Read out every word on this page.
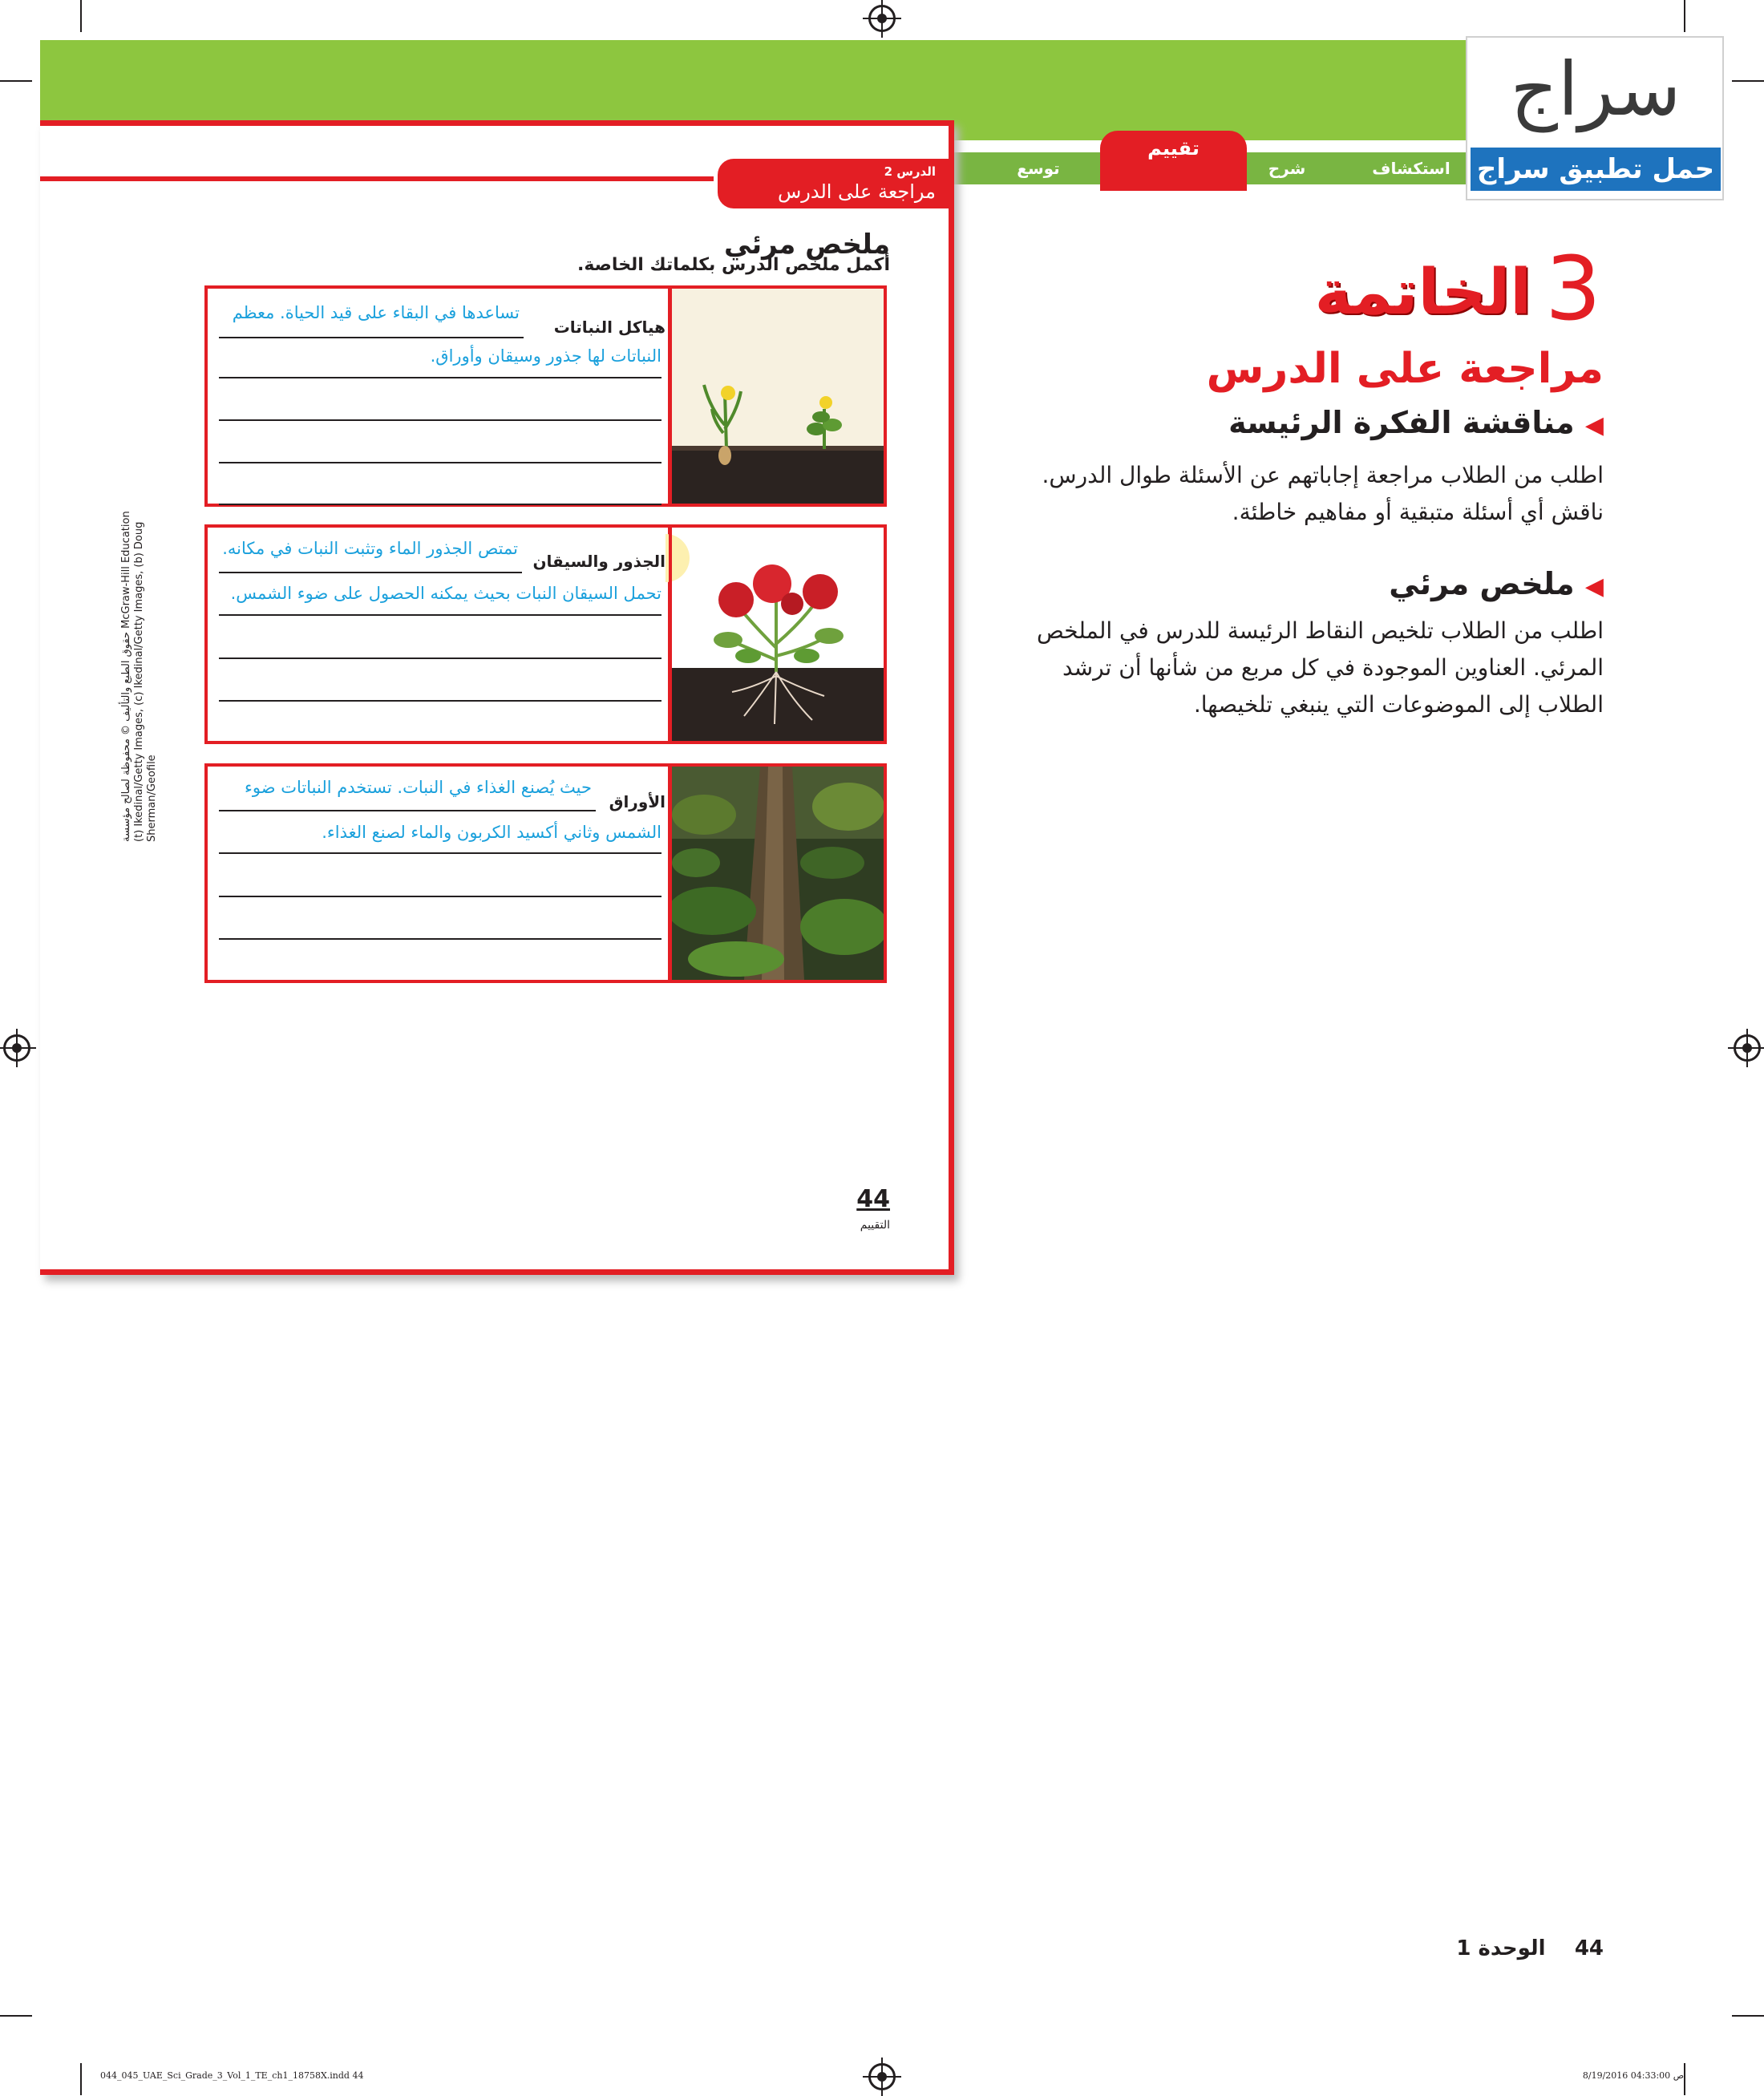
استكشاف
شرح
تقييم
توسع
سراج
حمل تطبيق سراج
الدرس 2
مراجعة على الدرس
ملخص مرئي
أكمل ملخص الدرس بكلماتك الخاصة.
هياكل النباتات
تساعدها في البقاء على قيد الحياة. معظم
النباتات لها جذور وسيقان وأوراق.
الجذور والسيقان
تمتص الجذور الماء وتثبت النبات في مكانه.
تحمل السيقان النبات بحيث يمكنه الحصول على ضوء الشمس.
الأوراق
حيث يُصنع الغذاء في النبات. تستخدم النباتات ضوء
الشمس وثاني أكسيد الكربون والماء لصنع الغذاء.
حقوق الطبع والتأليف © محفوظة لصالح مؤسسة McGraw-Hill Education (t) Ikedinal/Getty Images, (c) Ikedinal/Getty Images, (b) Doug Sherman/Geofile
44
التقييم
الخاتمة 3
مراجعة على الدرس
◀ مناقشة الفكرة الرئيسة
اطلب من الطلاب مراجعة إجاباتهم عن الأسئلة طوال الدرس. ناقش أي أسئلة متبقية أو مفاهيم خاطئة.
◀ ملخص مرئي
اطلب من الطلاب تلخيص النقاط الرئيسة للدرس في الملخص المرئي. العناوين الموجودة في كل مربع من شأنها أن ترشد الطلاب إلى الموضوعات التي ينبغي تلخيصها.
44    الوحدة 1
044_045_UAE_Sci_Grade_3_Vol_1_TE_ch1_18758X.indd 44	8/19/2016 04:33:00 ص
